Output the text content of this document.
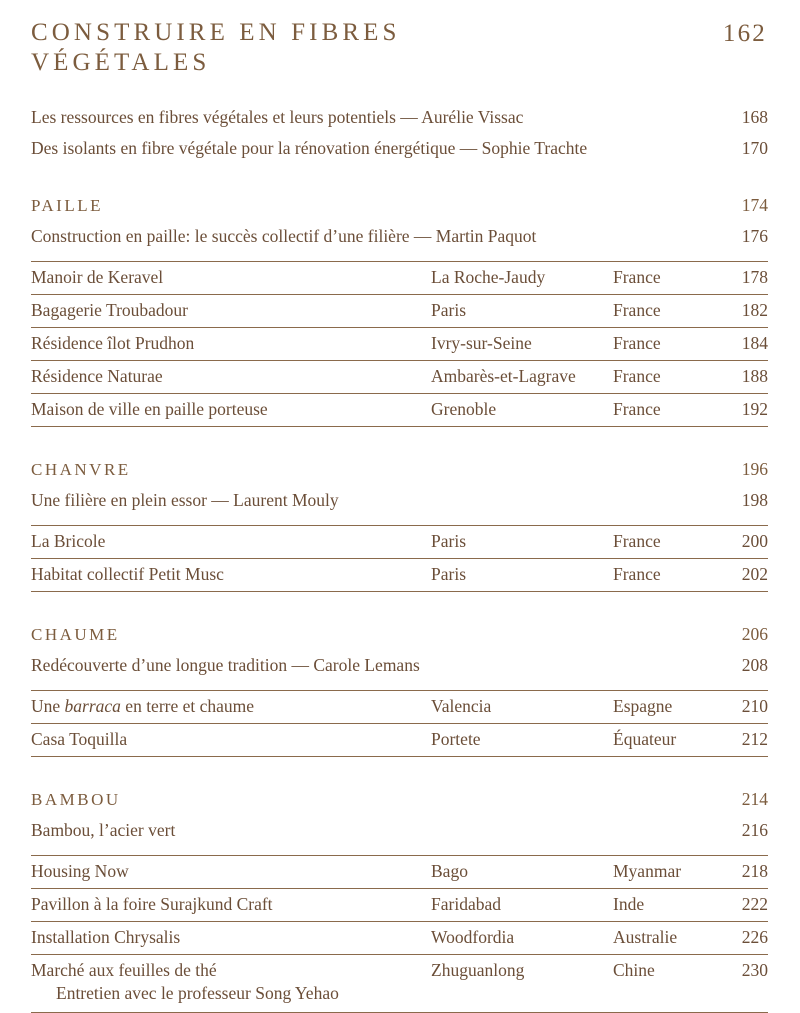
CONSTRUIRE EN FIBRES VÉGÉTALES
162
Les ressources en fibres végétales et leurs potentiels — Aurélie Vissac	168
Des isolants en fibre végétale pour la rénovation énergétique — Sophie Trachte	170
PAILLE	174
Construction en paille: le succès collectif d’une filière — Martin Paquot	176
Manoir de Keravel	La Roche-Jaudy	France	178
Bagagerie Troubadour	Paris	France	182
Résidence îlot Prudhon	Ivry-sur-Seine	France	184
Résidence Naturae	Ambarès-et-Lagrave	France	188
Maison de ville en paille porteuse	Grenoble	France	192
CHANVRE	196
Une filière en plein essor — Laurent Mouly	198
La Bricole	Paris	France	200
Habitat collectif Petit Musc	Paris	France	202
CHAUME	206
Redécouverte d’une longue tradition — Carole Lemans	208
Une barraca en terre et chaume	Valencia	Espagne	210
Casa Toquilla	Portete	Équateur	212
BAMBOU	214
Bambou, l’acier vert	216
Housing Now	Bago	Myanmar	218
Pavillon à la foire Surajkund Craft	Faridabad	Inde	222
Installation Chrysalis	Woodfordia	Australie	226
Marché aux feuilles de thé
Entretien avec le professeur Song Yehao	Zhuguanlong	Chine	230
